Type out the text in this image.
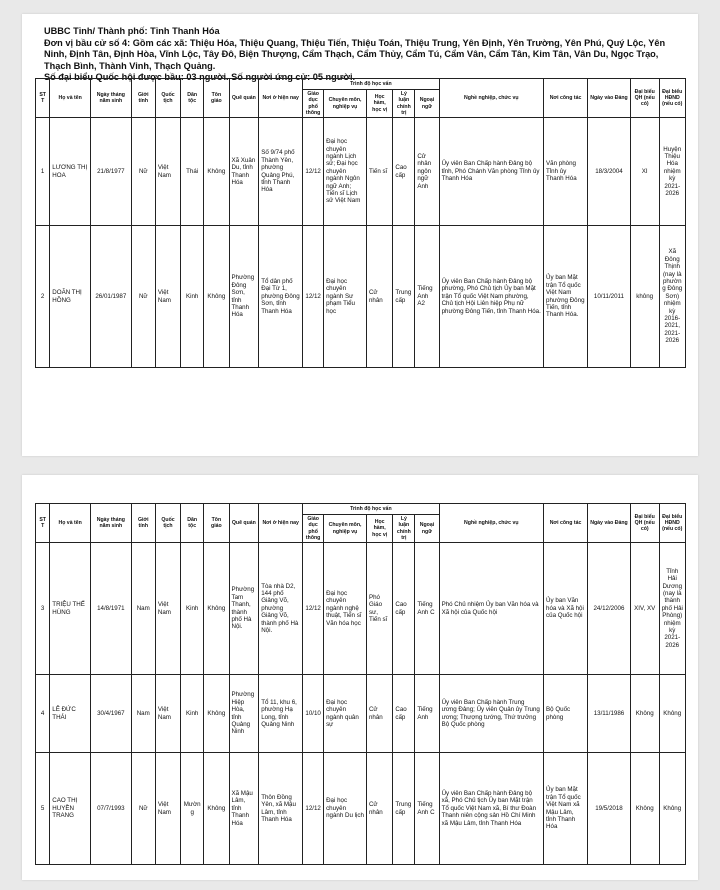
UBBC Tỉnh/ Thành phố: Tỉnh Thanh Hóa
Đơn vị bầu cử số 4: Gồm các xã: Thiệu Hóa, Thiệu Quang, Thiệu Tiến, Thiệu Toán, Thiệu Trung, Yên Định, Yên Trường, Yên Phú, Quý Lộc, Yên Ninh, Định Tân, Định Hòa, Vĩnh Lộc, Tây Đô, Biện Thượng, Cẩm Thạch, Cẩm Thủy, Cẩm Tú, Cẩm Vân, Cẩm Tân, Kim Tân, Vân Du, Ngọc Trạo, Thạch Bình, Thành Vinh, Thạch Quảng.
Số đại biểu Quốc hội được bầu: 03 người. Số người ứng cử: 05 người.
ST T	Họ và tên	Ngày tháng năm sinh	Giới tính	Quốc tịch	Dân tộc	Tôn giáo	Quê quán	Nơi ở hiện nay	Trình độ học vấn					Nghề nghiệp, chức vụ	Nơi công tác	Ngày vào Đảng	Đại biểu QH (nếu có)	Đại biểu HĐND (nếu có)
									Giáo dục phổ thông	Chuyên môn, nghiệp vụ	Học hàm, học vị	Lý luận chính trị	Ngoại ngữ					
1	LƯƠNG THỊ HOA	21/8/1977	Nữ	Việt Nam	Thái	Không	Xã Xuân Du, tỉnh Thanh Hóa	Số 9/74 phố Thành Yên, phường Quảng Phú, tỉnh Thanh Hóa	12/12	Đại học chuyên ngành Lịch sử; Đại học chuyên ngành Ngôn ngữ Anh; Tiến sĩ Lịch sử Việt Nam	Tiến sĩ	Cao cấp	Cử nhân ngôn ngữ Anh	Ủy viên Ban Chấp hành Đảng bộ tỉnh, Phó Chánh Văn phòng Tỉnh ủy Thanh Hóa	Văn phòng Tỉnh ủy Thanh Hóa	18/3/2004	XI	Huyện Thiệu Hóa nhiệm kỳ 2021-2026
2	DOÃN THỊ HỒNG	26/01/1987	Nữ	Việt Nam	Kinh	Không	Phường Đông Sơn, tỉnh Thanh Hóa	Tổ dân phố Đại Từ 1, phường Đông Sơn, tỉnh Thanh Hóa	12/12	Đại học chuyên ngành Sư phạm Tiểu học	Cử nhân	Trung cấp	Tiếng Anh A2	Ủy viên Ban Chấp hành Đảng bộ phường, Phó Chủ tịch Ủy ban Mặt trận Tổ quốc Việt Nam phường, Chủ tịch Hội Liên hiệp Phụ nữ phường Đông Tiến, tỉnh Thanh Hóa.	Ủy ban Mặt trận Tổ quốc Việt Nam phường Đông Tiến, tỉnh Thanh Hóa.	10/11/2011	không	Xã Đông Thịnh (nay là phường Đông Sơn) nhiệm kỳ 2016-2021, 2021-2026
ST T	Họ và tên	Ngày tháng năm sinh	Giới tính	Quốc tịch	Dân tộc	Tôn giáo	Quê quán	Nơi ở hiện nay	Trình độ học vấn					Nghề nghiệp, chức vụ	Nơi công tác	Ngày vào Đảng	Đại biểu QH (nếu có)	Đại biểu HĐND (nếu có)
									Giáo dục phổ thông	Chuyên môn, nghiệp vụ	Học hàm, học vị	Lý luận chính trị	Ngoại ngữ					
3	TRIỆU THẾ HÙNG	14/8/1971	Nam	Việt Nam	Kinh	Không	Phường Tam Thanh, thành phố Hà Nội.	Tòa nhà D2, 144 phố Giảng Võ, phường Giảng Võ, thành phố Hà Nội.	12/12	Đại học chuyên ngành nghệ thuật, Tiến sĩ Văn hóa học	Phó Giáo sư, Tiến sĩ	Cao cấp	Tiếng Anh C	Phó Chủ nhiệm Ủy ban Văn hóa và Xã hội của Quốc hội	Ủy ban Văn hóa và Xã hội của Quốc hội	24/12/2006	XIV, XV	Tỉnh Hải Dương (nay là thành phố Hải Phòng) nhiệm kỳ 2021-2026
4	LÊ ĐỨC THÁI	30/4/1967	Nam	Việt Nam	Kinh	Không	Phường Hiệp Hòa, tỉnh Quảng Ninh	Tổ 11, khu 6, phường Hạ Long, tỉnh Quảng Ninh	10/10	Đại học chuyên ngành quân sự	Cử nhân	Cao cấp	Tiếng Anh	Ủy viên Ban Chấp hành Trung ương Đảng; Ủy viên Quân ủy Trung ương; Thượng tướng, Thứ trưởng Bộ Quốc phòng	Bộ Quốc phòng	13/11/1986	Không	Không
5	CAO THỊ HUYỀN TRANG	07/7/1993	Nữ	Việt Nam	Mường	Không	Xã Mậu Lâm, tỉnh Thanh Hóa	Thôn Đồng Yên, xã Mậu Lâm, tỉnh Thanh Hóa	12/12	Đại học chuyên ngành Du lịch	Cử nhân	Trung cấp	Tiếng Anh C	Ủy viên Ban Chấp hành Đảng bộ xã, Phó Chủ tịch Ủy ban Mặt trận Tổ quốc Việt Nam xã, Bí thư Đoàn Thanh niên cộng sản Hồ Chí Minh xã Mậu Lâm, tỉnh Thanh Hóa	Ủy ban Mặt trận Tổ quốc Việt Nam xã Mậu Lâm, tỉnh Thanh Hóa	19/5/2018	Không	Không
